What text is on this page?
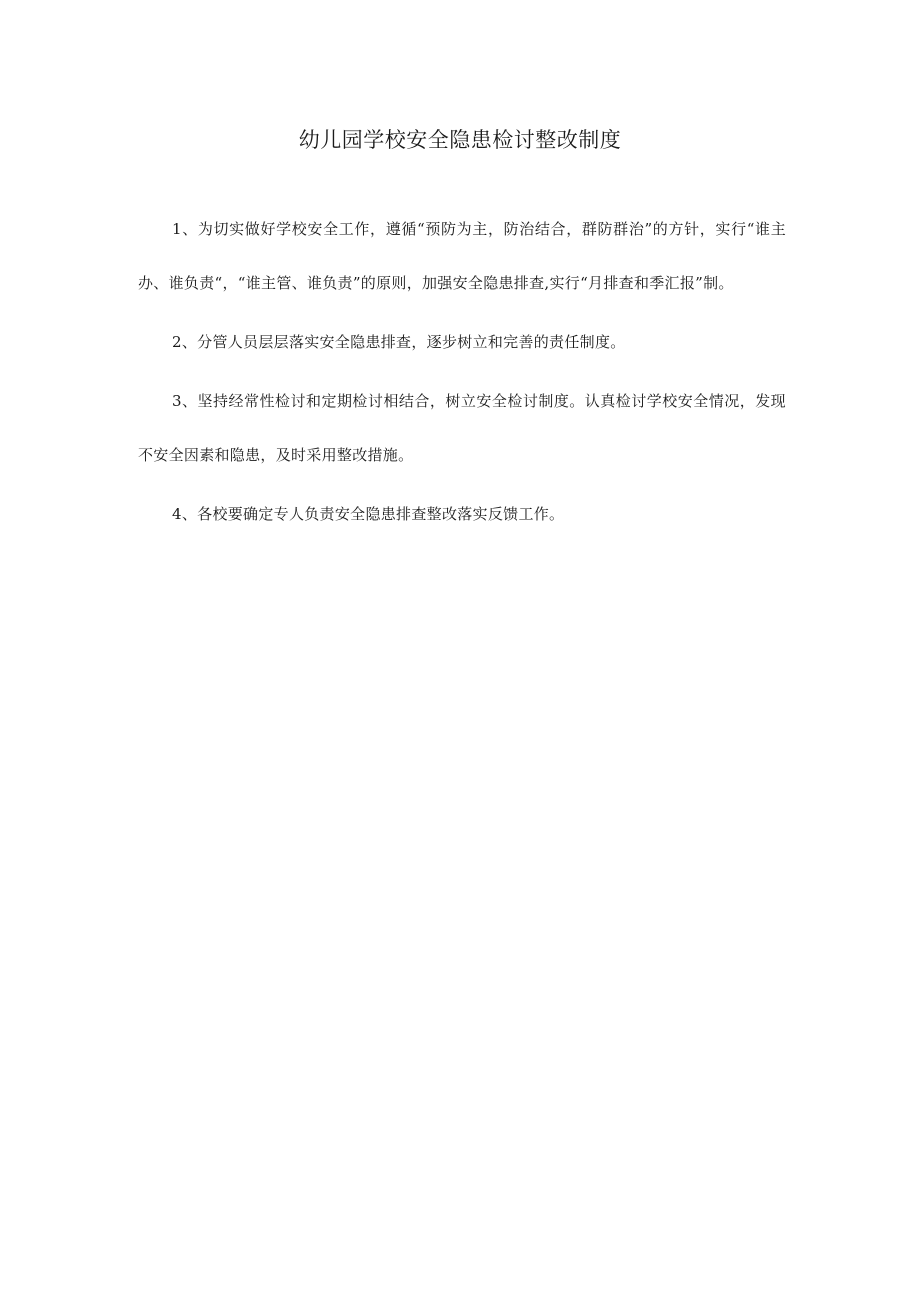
幼儿园学校安全隐患检讨整改制度

1、为切实做好学校安全工作，遵循“预防为主，防治结合，群防群治”的方针，实行“谁主办、谁负责“，“谁主管、谁负责”的原则，加强安全隐患排查,实行“月排查和季汇报”制。

2、分管人员层层落实安全隐患排查，逐步树立和完善的责任制度。

3、坚持经常性检讨和定期检讨相结合，树立安全检讨制度。认真检讨学校安全情况，发现不安全因素和隐患，及时采用整改措施。

4、各校要确定专人负责安全隐患排查整改落实反馈工作。
